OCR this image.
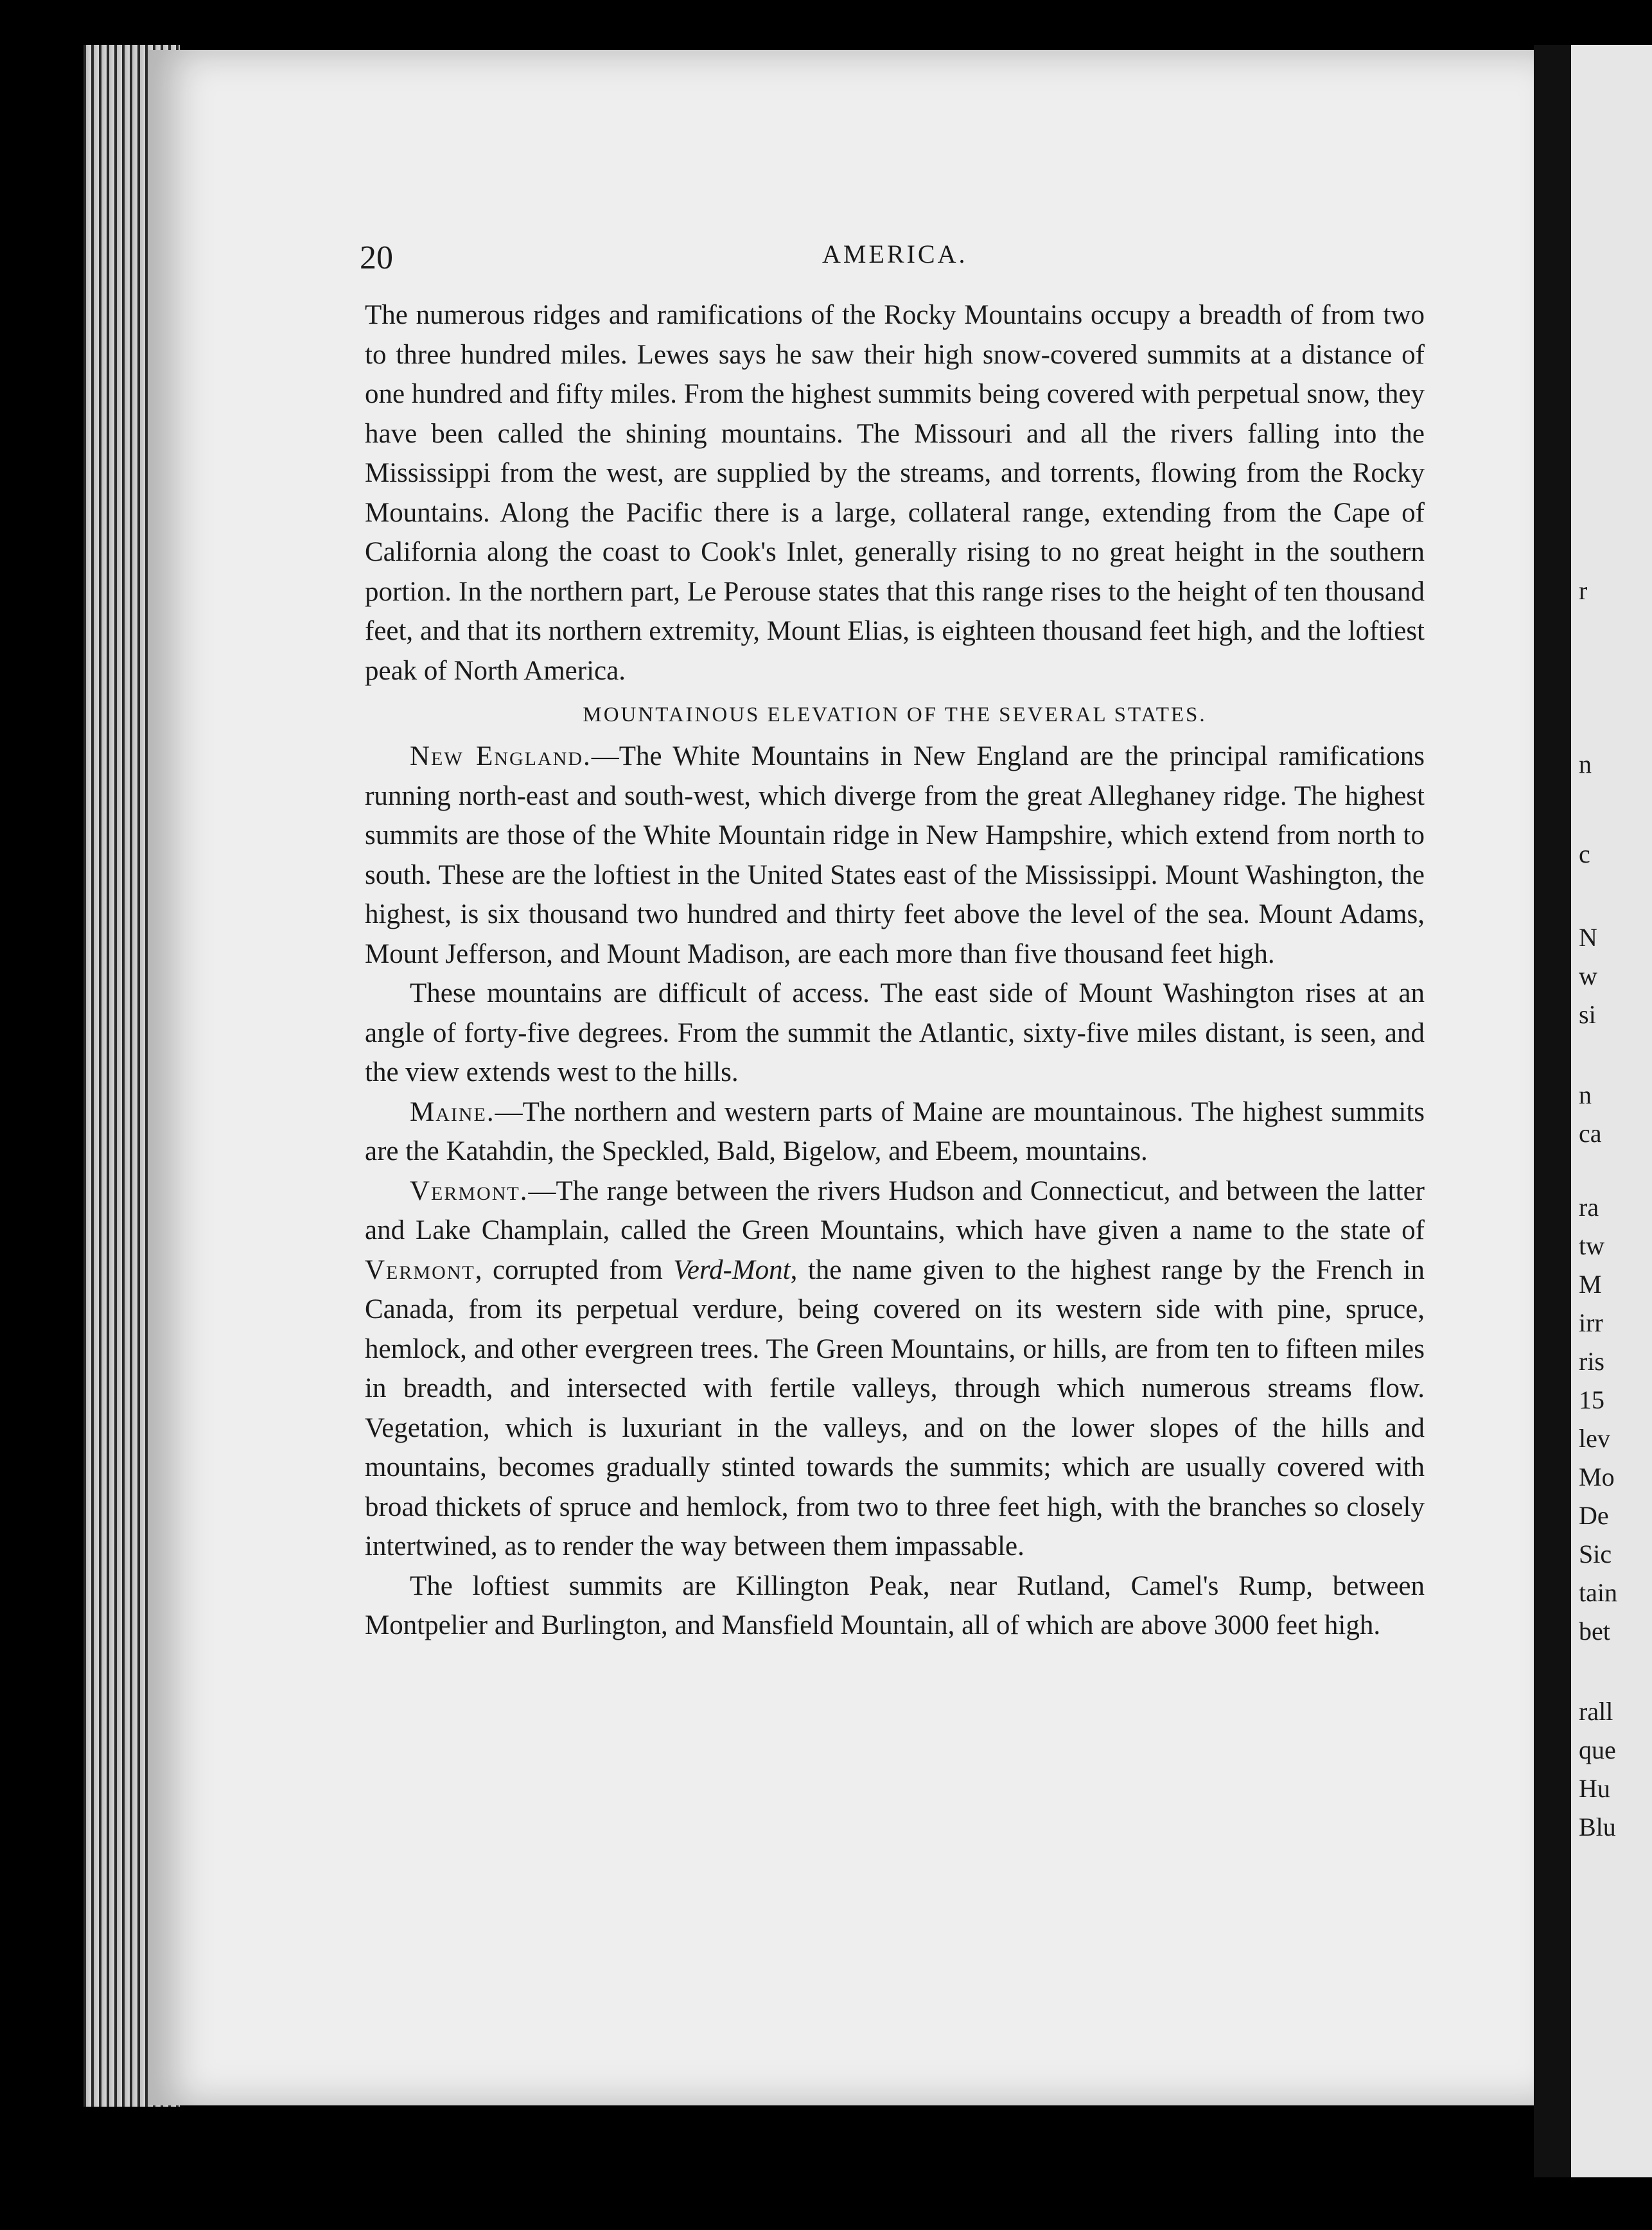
r
n
c
N
w
si
n
ca
ra
tw
M
irr
ris
15
lev
Mo
De
Sic
tain
bet
rall
que
Hu
Blu
20	AMERICA.

The numerous ridges and ramifications of the Rocky Mountains occupy a breadth of from two to three hundred miles. Lewes says he saw their high snow-covered summits at a distance of one hundred and fifty miles. From the highest summits being covered with perpetual snow, they have been called the shining mountains. The Missouri and all the rivers falling into the Mississippi from the west, are supplied by the streams, and torrents, flowing from the Rocky Mountains. Along the Pacific there is a large, collateral range, extending from the Cape of California along the coast to Cook's Inlet, generally rising to no great height in the southern portion. In the northern part, Le Perouse states that this range rises to the height of ten thousand feet, and that its northern extremity, Mount Elias, is eighteen thousand feet high, and the loftiest peak of North America.

MOUNTAINOUS ELEVATION OF THE SEVERAL STATES.

New England.—The White Mountains in New England are the principal ramifications running north-east and south-west, which diverge from the great Alleghaney ridge. The highest summits are those of the White Mountain ridge in New Hampshire, which extend from north to south. These are the loftiest in the United States east of the Mississippi. Mount Washington, the highest, is six thousand two hundred and thirty feet above the level of the sea. Mount Adams, Mount Jefferson, and Mount Madison, are each more than five thousand feet high.

These mountains are difficult of access. The east side of Mount Washington rises at an angle of forty-five degrees. From the summit the Atlantic, sixty-five miles distant, is seen, and the view extends west to the hills.

Maine.—The northern and western parts of Maine are mountainous. The highest summits are the Katahdin, the Speckled, Bald, Bigelow, and Ebeem, mountains.

Vermont.—The range between the rivers Hudson and Connecticut, and between the latter and Lake Champlain, called the Green Mountains, which have given a name to the state of Vermont, corrupted from Verd-Mont, the name given to the highest range by the French in Canada, from its perpetual verdure, being covered on its western side with pine, spruce, hemlock, and other evergreen trees. The Green Mountains, or hills, are from ten to fifteen miles in breadth, and intersected with fertile valleys, through which numerous streams flow. Vegetation, which is luxuriant in the valleys, and on the lower slopes of the hills and mountains, becomes gradually stinted towards the summits; which are usually covered with broad thickets of spruce and hemlock, from two to three feet high, with the branches so closely intertwined, as to render the way between them impassable.

The loftiest summits are Killington Peak, near Rutland, Camel's Rump, between Montpelier and Burlington, and Mansfield Mountain, all of which are above 3000 feet high.
